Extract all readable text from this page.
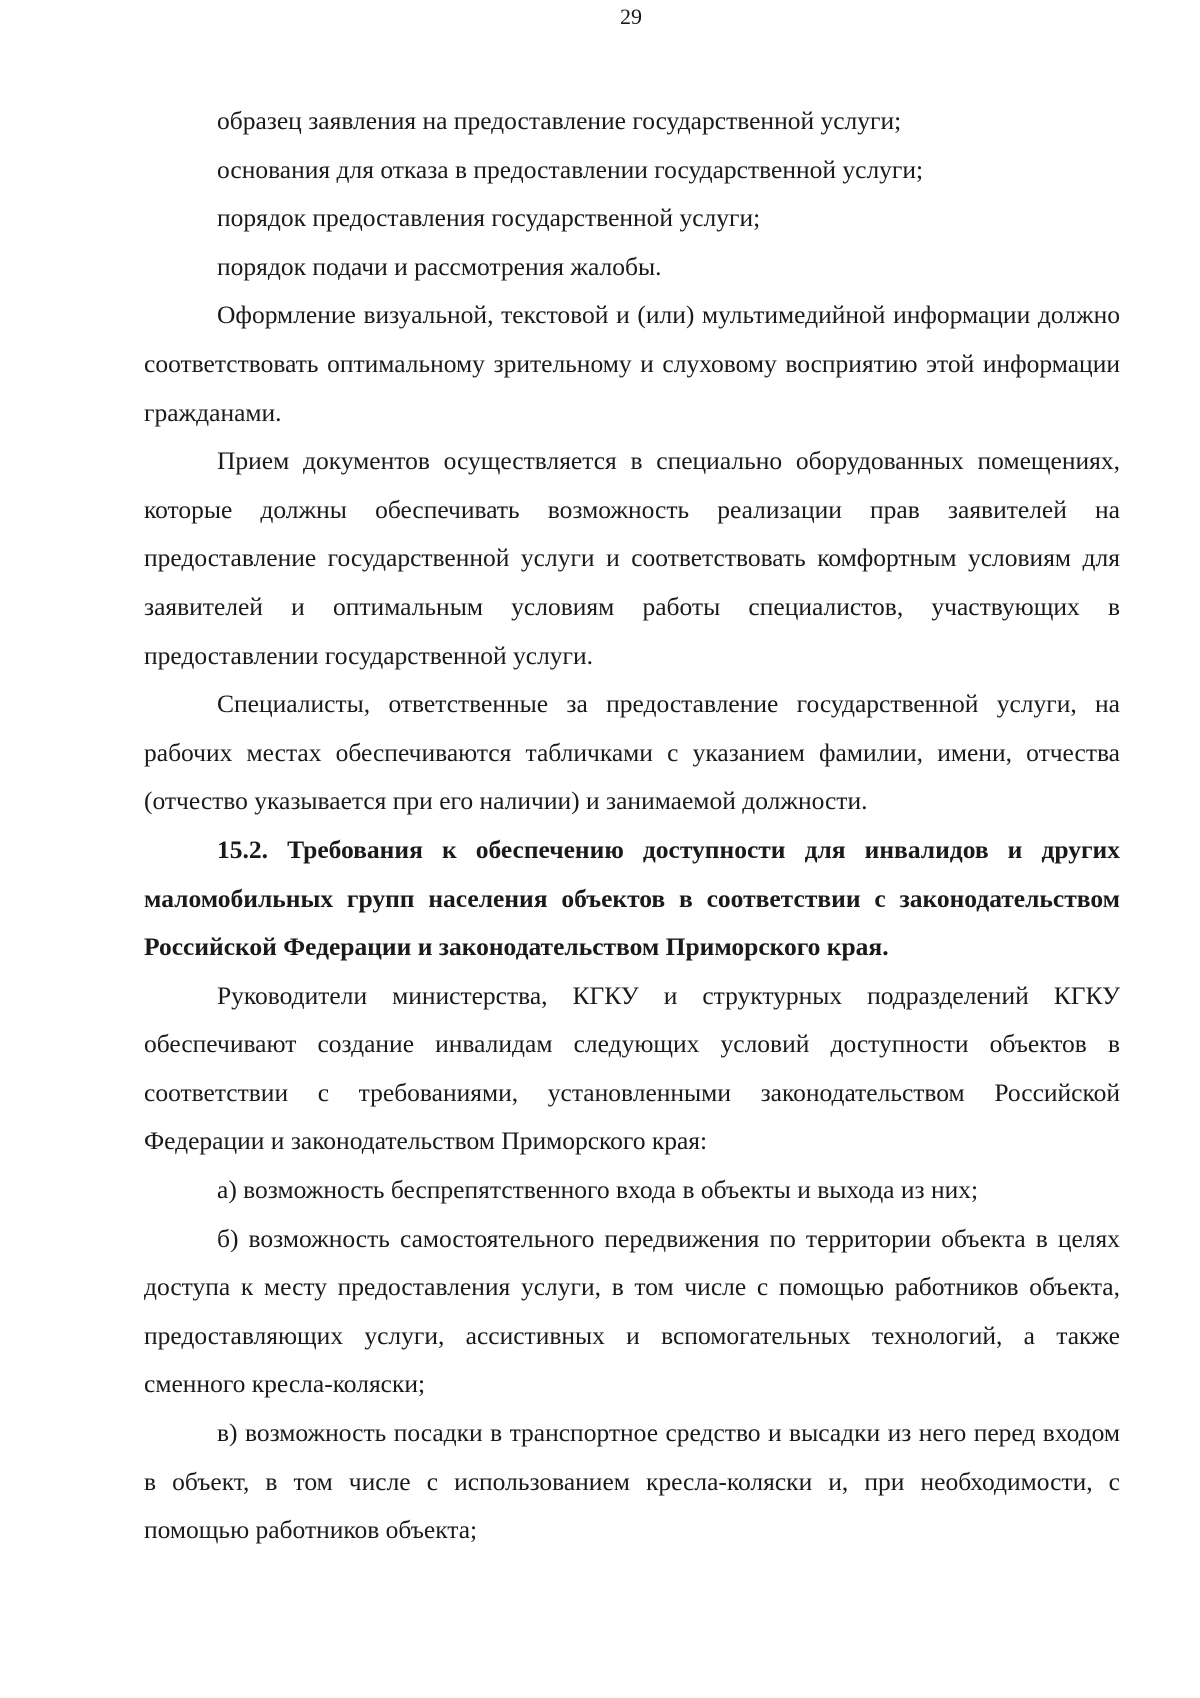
29

образец заявления на предоставление государственной услуги;

основания для отказа в предоставлении государственной услуги;

порядок предоставления государственной услуги;

порядок подачи и рассмотрения жалобы.

Оформление визуальной, текстовой и (или) мультимедийной информации должно соответствовать оптимальному зрительному и слуховому восприятию этой информации гражданами.

Прием документов осуществляется в специально оборудованных помещениях, которые должны обеспечивать возможность реализации прав заявителей на предоставление государственной услуги и соответствовать комфортным условиям для заявителей и оптимальным условиям работы специалистов, участвующих в предоставлении государственной услуги.

Специалисты, ответственные за предоставление государственной услуги, на рабочих местах обеспечиваются табличками с указанием фамилии, имени, отчества (отчество указывается при его наличии) и занимаемой должности.

15.2. Требования к обеспечению доступности для инвалидов и других маломобильных групп населения объектов в соответствии с законодательством Российской Федерации и законодательством Приморского края.

Руководители министерства, КГКУ и структурных подразделений КГКУ обеспечивают создание инвалидам следующих условий доступности объектов в соответствии с требованиями, установленными законодательством Российской Федерации и законодательством Приморского края:

а) возможность беспрепятственного входа в объекты и выхода из них;

б) возможность самостоятельного передвижения по территории объекта в целях доступа к месту предоставления услуги, в том числе с помощью работников объекта, предоставляющих услуги, ассистивных и вспомогательных технологий, а также сменного кресла-коляски;

в) возможность посадки в транспортное средство и высадки из него перед входом в объект, в том числе с использованием кресла-коляски и, при необходимости, с помощью работников объекта;
